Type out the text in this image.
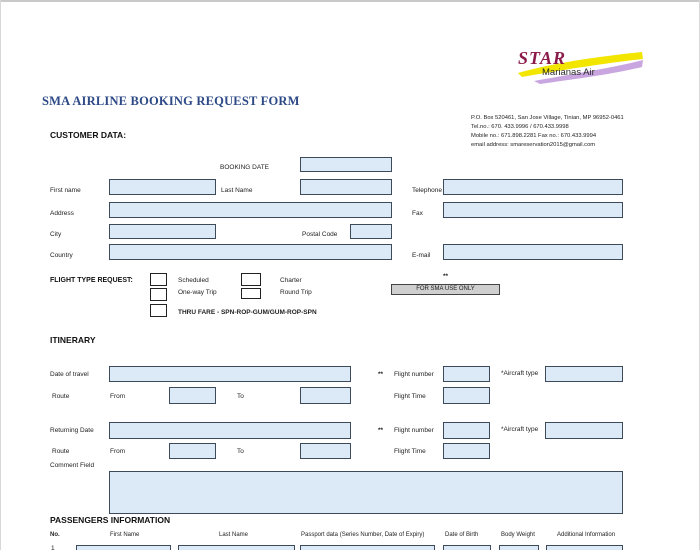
STAR
Marianas Air
SMA AIRLINE BOOKING REQUEST FORM
P.O. Box 520461, San Jose Village, Tinian, MP 96952-0461
Tel.no.: 670. 433.9996 / 670.433.9998
Mobile no.: 671.898.2281 Fax no.: 670.433.9994
email address: smareservation2015@gmail.com
CUSTOMER DATA:
BOOKING DATE
First name	Last Name	Telephone
Address	Fax
City	Postal Code
Country	E-mail
FLIGHT TYPE REQUEST:	Scheduled
One-way Trip
Charter
Round Trip
THRU FARE - SPN-ROP-GUM/GUM-ROP-SPN
**
FOR SMA USE ONLY
ITINERARY
Date of travel	** Flight number	*Aircraft type
Route	From	To	Flight Time
Returning Date	** Flight number	*Aircraft type
Route	From	To	Flight Time
Comment Field
PASSENGERS INFORMATION
No.	First Name	Last Name	Passport data (Series Number, Date of Expiry)	Date of Birth	Body Weight	Additional Information
1
